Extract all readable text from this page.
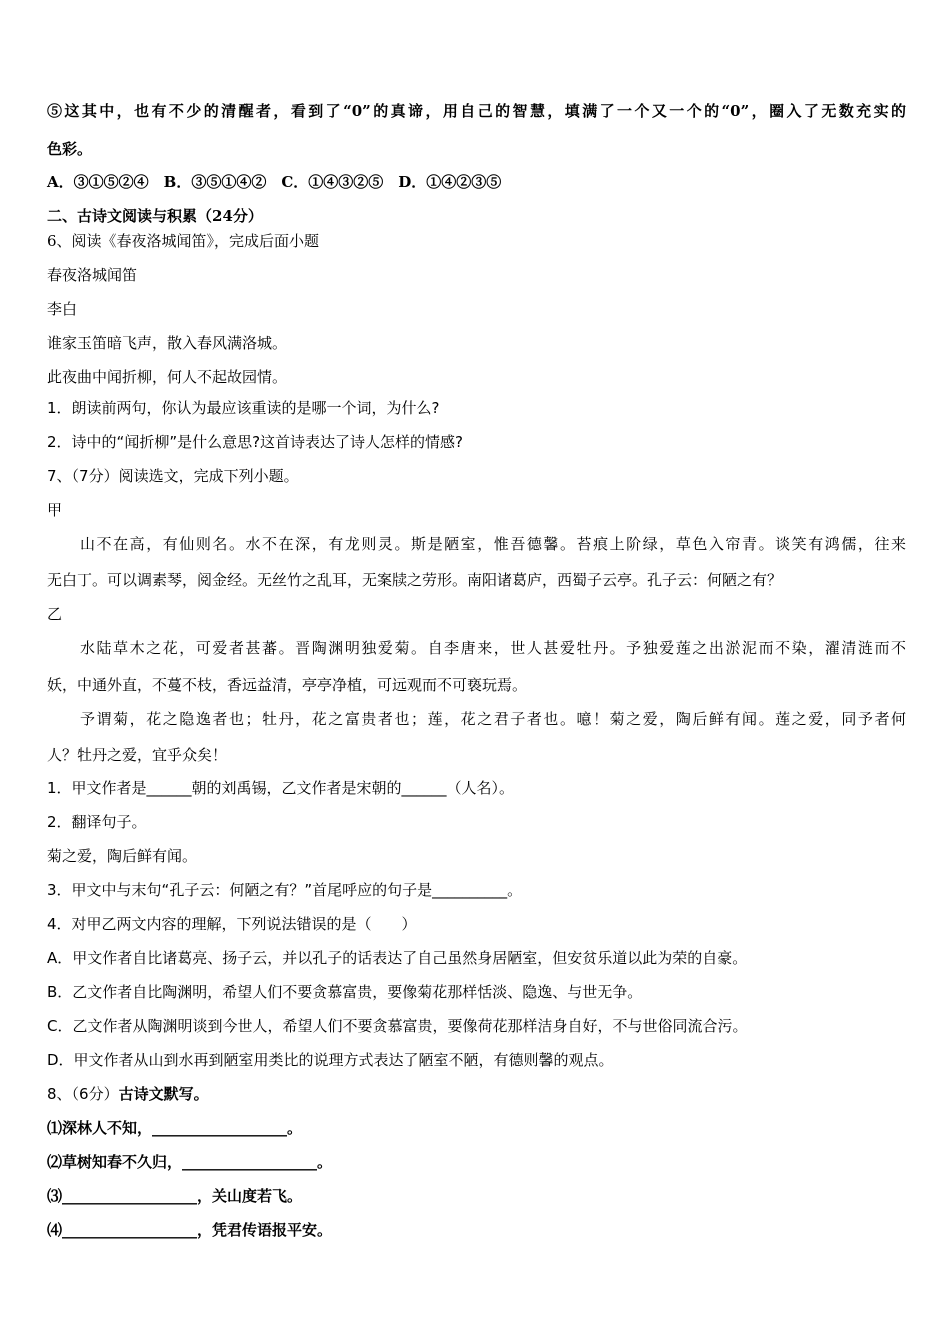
⑤这其中，也有不少的清醒者，看到了“0”的真谛，用自己的智慧，填满了一个又一个的“0”，圈入了无数充实的
色彩。
A．③①⑤②④　B．③⑤①④②　C．①④③②⑤　D．①④②③⑤
二、古诗文阅读与积累（24分）
6、阅读《春夜洛城闻笛》，完成后面小题
春夜洛城闻笛
李白
谁家玉笛暗飞声，散入春风满洛城。
此夜曲中闻折柳，何人不起故园情。
1．朗读前两句，你认为最应该重读的是哪一个词，为什么?
2．诗中的“闻折柳”是什么意思?这首诗表达了诗人怎样的情感?
7、（7分）阅读选文，完成下列小题。
甲
山不在高，有仙则名。水不在深，有龙则灵。斯是陋室，惟吾德馨。苔痕上阶绿，草色入帘青。谈笑有鸿儒，往来
无白丁。可以调素琴，阅金经。无丝竹之乱耳，无案牍之劳形。南阳诸葛庐，西蜀子云亭。孔子云：何陋之有？
乙
水陆草木之花，可爱者甚蕃。晋陶渊明独爱菊。自李唐来，世人甚爱牡丹。予独爱莲之出淤泥而不染，濯清涟而不
妖，中通外直，不蔓不枝，香远益清，亭亭净植，可远观而不可亵玩焉。
予谓菊，花之隐逸者也；牡丹，花之富贵者也；莲，花之君子者也。噫！菊之爱，陶后鲜有闻。莲之爱，同予者何
人？牡丹之爱，宜乎众矣！
1．甲文作者是______朝的刘禹锡，乙文作者是宋朝的______（人名）。
2．翻译句子。
菊之爱，陶后鲜有闻。
3．甲文中与末句“孔子云：何陋之有？”首尾呼应的句子是__________。
4．对甲乙两文内容的理解，下列说法错误的是（　　）
A．甲文作者自比诸葛亮、扬子云，并以孔子的话表达了自己虽然身居陋室，但安贫乐道以此为荣的自豪。
B．乙文作者自比陶渊明，希望人们不要贪慕富贵，要像菊花那样恬淡、隐逸、与世无争。
C．乙文作者从陶渊明谈到今世人，希望人们不要贪慕富贵，要像荷花那样洁身自好，不与世俗同流合污。
D．甲文作者从山到水再到陋室用类比的说理方式表达了陋室不陋，有德则馨的观点。
8、（6分）古诗文默写。
⑴深林人不知，__________________。
⑵草树知春不久归，__________________。
⑶__________________，关山度若飞。
⑷__________________，凭君传语报平安。
